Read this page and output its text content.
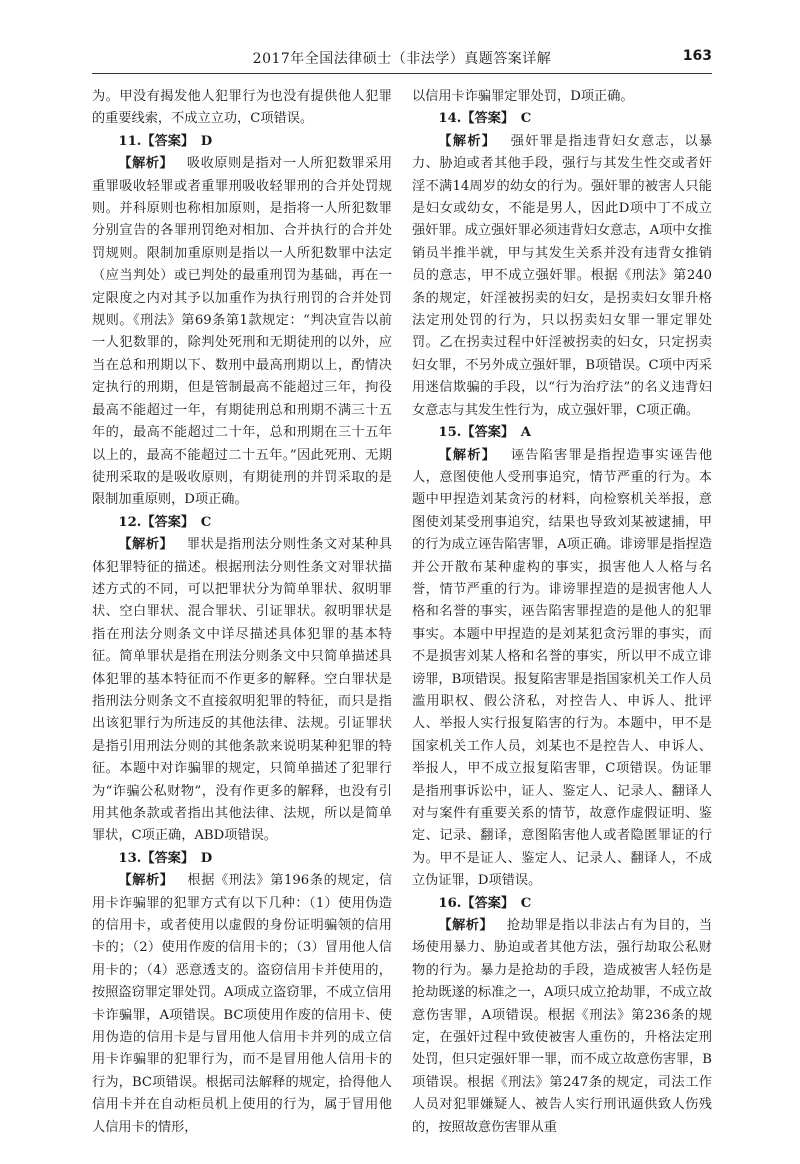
2017年全国法律硕士（非法学）真题答案详解	163

为。甲没有揭发他人犯罪行为也没有提供他人犯罪的重要线索，不成立立功，C项错误。

11.【答案】  D

【解析】  吸收原则是指对一人所犯数罪采用重罪吸收轻罪或者重罪刑吸收轻罪刑的合并处罚规则。并科原则也称相加原则，是指将一人所犯数罪分别宣告的各罪刑罚绝对相加、合并执行的合并处罚规则。限制加重原则是指以一人所犯数罪中法定（应当判处）或已判处的最重刑罚为基础，再在一定限度之内对其予以加重作为执行刑罚的合并处罚规则。《刑法》第69条第1款规定：“判决宣告以前一人犯数罪的，除判处死刑和无期徒刑的以外，应当在总和刑期以下、数刑中最高刑期以上，酌情决定执行的刑期，但是管制最高不能超过三年，拘役最高不能超过一年，有期徒刑总和刑期不满三十五年的，最高不能超过二十年，总和刑期在三十五年以上的，最高不能超过二十五年。”因此死刑、无期徒刑采取的是吸收原则，有期徒刑的并罚采取的是限制加重原则，D项正确。

12.【答案】  C

【解析】  罪状是指刑法分则性条文对某种具体犯罪特征的描述。根据刑法分则性条文对罪状描述方式的不同，可以把罪状分为简单罪状、叙明罪状、空白罪状、混合罪状、引证罪状。叙明罪状是指在刑法分则条文中详尽描述具体犯罪的基本特征。简单罪状是指在刑法分则条文中只简单描述具体犯罪的基本特征而不作更多的解释。空白罪状是指刑法分则条文不直接叙明犯罪的特征，而只是指出该犯罪行为所违反的其他法律、法规。引证罪状是指引用刑法分则的其他条款来说明某种犯罪的特征。本题中对诈骗罪的规定，只简单描述了犯罪行为“诈骗公私财物”，没有作更多的解释，也没有引用其他条款或者指出其他法律、法规，所以是简单罪状，C项正确，ABD项错误。

13.【答案】  D

【解析】  根据《刑法》第196条的规定，信用卡诈骗罪的犯罪方式有以下几种：（1）使用伪造的信用卡，或者使用以虚假的身份证明骗领的信用卡的；（2）使用作废的信用卡的；（3）冒用他人信用卡的；（4）恶意透支的。盗窃信用卡并使用的，按照盗窃罪定罪处罚。A项成立盗窃罪，不成立信用卡诈骗罪，A项错误。BC项使用作废的信用卡、使用伪造的信用卡是与冒用他人信用卡并列的成立信用卡诈骗罪的犯罪行为，而不是冒用他人信用卡的行为，BC项错误。根据司法解释的规定，拾得他人信用卡并在自动柜员机上使用的行为，属于冒用他人信用卡的情形，

以信用卡诈骗罪定罪处罚，D项正确。

14.【答案】  C

【解析】  强奸罪是指违背妇女意志，以暴力、胁迫或者其他手段，强行与其发生性交或者奸淫不满14周岁的幼女的行为。强奸罪的被害人只能是妇女或幼女，不能是男人，因此D项中丁不成立强奸罪。成立强奸罪必须违背妇女意志，A项中女推销员半推半就，甲与其发生关系并没有违背女推销员的意志，甲不成立强奸罪。根据《刑法》第240条的规定，奸淫被拐卖的妇女，是拐卖妇女罪升格法定刑处罚的行为，只以拐卖妇女罪一罪定罪处罚。乙在拐卖过程中奸淫被拐卖的妇女，只定拐卖妇女罪，不另外成立强奸罪，B项错误。C项中丙采用迷信欺骗的手段，以“行为治疗法”的名义违背妇女意志与其发生性行为，成立强奸罪，C项正确。

15.【答案】  A

【解析】  诬告陷害罪是指捏造事实诬告他人，意图使他人受刑事追究，情节严重的行为。本题中甲捏造刘某贪污的材料，向检察机关举报，意图使刘某受刑事追究，结果也导致刘某被逮捕，甲的行为成立诬告陷害罪，A项正确。诽谤罪是指捏造并公开散布某种虚构的事实，损害他人人格与名誉，情节严重的行为。诽谤罪捏造的是损害他人人格和名誉的事实，诬告陷害罪捏造的是他人的犯罪事实。本题中甲捏造的是刘某犯贪污罪的事实，而不是损害刘某人格和名誉的事实，所以甲不成立诽谤罪，B项错误。报复陷害罪是指国家机关工作人员滥用职权、假公济私，对控告人、申诉人、批评人、举报人实行报复陷害的行为。本题中，甲不是国家机关工作人员，刘某也不是控告人、申诉人、举报人，甲不成立报复陷害罪，C项错误。伪证罪是指刑事诉讼中，证人、鉴定人、记录人、翻译人对与案件有重要关系的情节，故意作虚假证明、鉴定、记录、翻译，意图陷害他人或者隐匿罪证的行为。甲不是证人、鉴定人、记录人、翻译人，不成立伪证罪，D项错误。

16.【答案】  C

【解析】  抢劫罪是指以非法占有为目的，当场使用暴力、胁迫或者其他方法，强行劫取公私财物的行为。暴力是抢劫的手段，造成被害人轻伤是抢劫既遂的标准之一，A项只成立抢劫罪，不成立故意伤害罪，A项错误。根据《刑法》第236条的规定，在强奸过程中致使被害人重伤的，升格法定刑处罚，但只定强奸罪一罪，而不成立故意伤害罪，B项错误。根据《刑法》第247条的规定，司法工作人员对犯罪嫌疑人、被告人实行刑讯逼供致人伤残的，按照故意伤害罪从重
